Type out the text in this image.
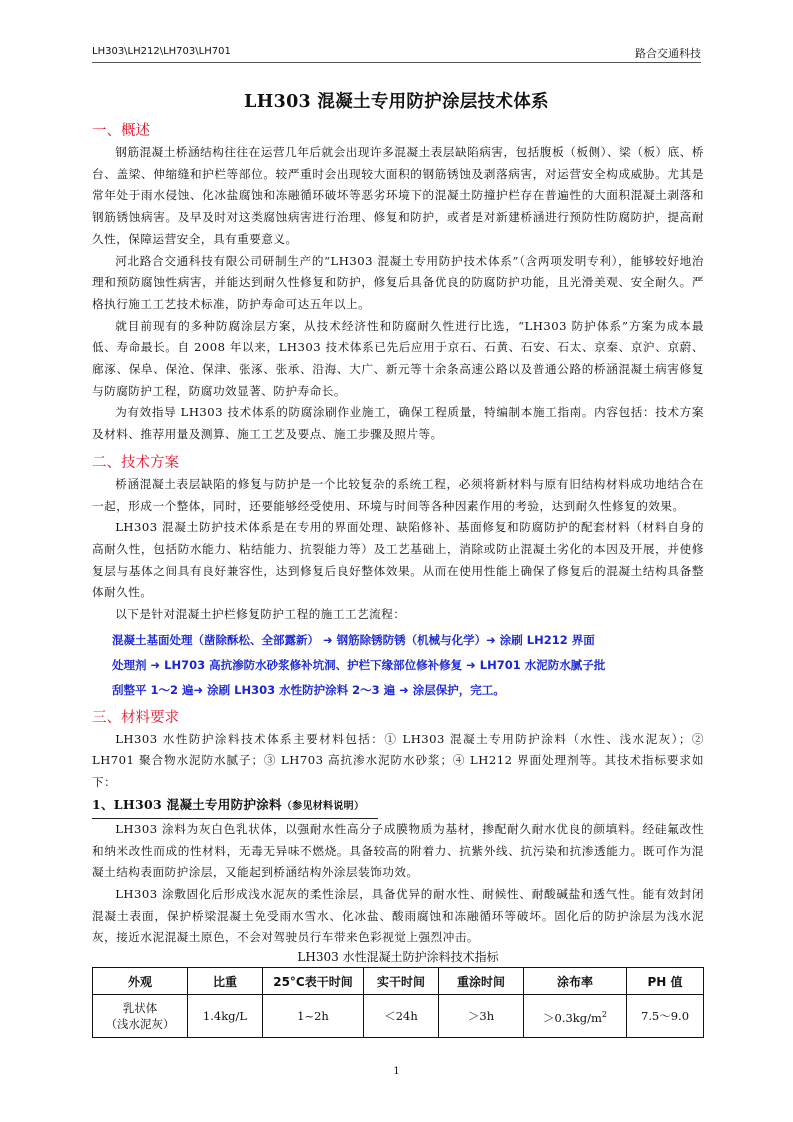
LH303\LH212\LH703\LH701	路合交通科技
LH303 混凝土专用防护涂层技术体系
一、概述

钢筋混凝土桥涵结构往往在运营几年后就会出现许多混凝土表层缺陷病害，包括腹板（板侧）、梁（板）底、桥台、盖梁、伸缩缝和护栏等部位。较严重时会出现较大面积的钢筋锈蚀及剥落病害，对运营安全构成威胁。尤其是常年处于雨水侵蚀、化冰盐腐蚀和冻融循环破坏等恶劣环境下的混凝土防撞护栏存在普遍性的大面积混凝土剥落和钢筋锈蚀病害。及早及时对这类腐蚀病害进行治理、修复和防护，或者是对新建桥涵进行预防性防腐防护，提高耐久性，保障运营安全，具有重要意义。

河北路合交通科技有限公司研制生产的“LH303 混凝土专用防护技术体系”（含两项发明专利），能够较好地治理和预防腐蚀性病害，并能达到耐久性修复和防护，修复后具备优良的防腐防护功能，且光滑美观、安全耐久。严格执行施工工艺技术标准，防护寿命可达五年以上。

就目前现有的多种防腐涂层方案，从技术经济性和防腐耐久性进行比选，“LH303 防护体系”方案为成本最低、寿命最长。自 2008 年以来，LH303 技术体系已先后应用于京石、石黄、石安、石太、京秦、京沪、京蔚、廊涿、保阜、保沧、保津、张涿、张承、沿海、大广、新元等十余条高速公路以及普通公路的桥涵混凝土病害修复与防腐防护工程，防腐功效显著、防护寿命长。

为有效指导 LH303 技术体系的防腐涂刷作业施工，确保工程质量，特编制本施工指南。内容包括：技术方案及材料、推荐用量及测算、施工工艺及要点、施工步骤及照片等。

二、技术方案

桥涵混凝土表层缺陷的修复与防护是一个比较复杂的系统工程，必须将新材料与原有旧结构材料成功地结合在一起，形成一个整体，同时，还要能够经受使用、环境与时间等各种因素作用的考验，达到耐久性修复的效果。

LH303 混凝土防护技术体系是在专用的界面处理、缺陷修补、基面修复和防腐防护的配套材料（材料自身的高耐久性，包括防水能力、粘结能力、抗裂能力等）及工艺基础上，消除或防止混凝土劣化的本因及开展，并使修复层与基体之间具有良好兼容性，达到修复后良好整体效果。从而在使用性能上确保了修复后的混凝土结构具备整体耐久性。

以下是针对混凝土护栏修复防护工程的施工工艺流程：

混凝土基面处理（凿除酥松、全部露新） ➜ 钢筋除锈防锈（机械与化学）➜ 涂刷 LH212 界面
处理剂 ➜ LH703 高抗渗防水砂浆修补坑洞、护栏下缘部位修补修复 ➜ LH701 水泥防水腻子批
刮整平 1～2 遍➜ 涂刷 LH303 水性防护涂料 2～3 遍 ➜ 涂层保护，完工。
三、材料要求

LH303 水性防护涂料技术体系主要材料包括：① LH303 混凝土专用防护涂料（水性、浅水泥灰）；② LH701 聚合物水泥防水腻子；③ LH703 高抗渗水泥防水砂浆；④ LH212 界面处理剂等。其技术指标要求如下：

1、LH303 混凝土专用防护涂料（参见材料说明）

LH303 涂料为灰白色乳状体，以强耐水性高分子成膜物质为基材，掺配耐久耐水优良的颜填料。经硅氟改性和纳米改性而成的性材料，无毒无异味不燃烧。具备较高的附着力、抗紫外线、抗污染和抗渗透能力。既可作为混凝土结构表面防护涂层，又能起到桥涵结构外涂层装饰功效。

LH303 涂敷固化后形成浅水泥灰的柔性涂层，具备优异的耐水性、耐候性、耐酸碱盐和透气性。能有效封闭混凝土表面，保护桥梁混凝土免受雨水雪水、化冰盐、酸雨腐蚀和冻融循环等破坏。固化后的防护涂层为浅水泥灰，接近水泥混凝土原色，不会对驾驶员行车带来色彩视觉上强烈冲击。

LH303 水性混凝土防护涂料技术指标
外观	比重	25°C表干时间	实干时间	重涂时间	涂布率	PH 值

乳状体
（浅水泥灰）	1.4kg/L	1~2h	＜24h	＞3h	$>0.3kg/m^2$	7.5～9.0
1
